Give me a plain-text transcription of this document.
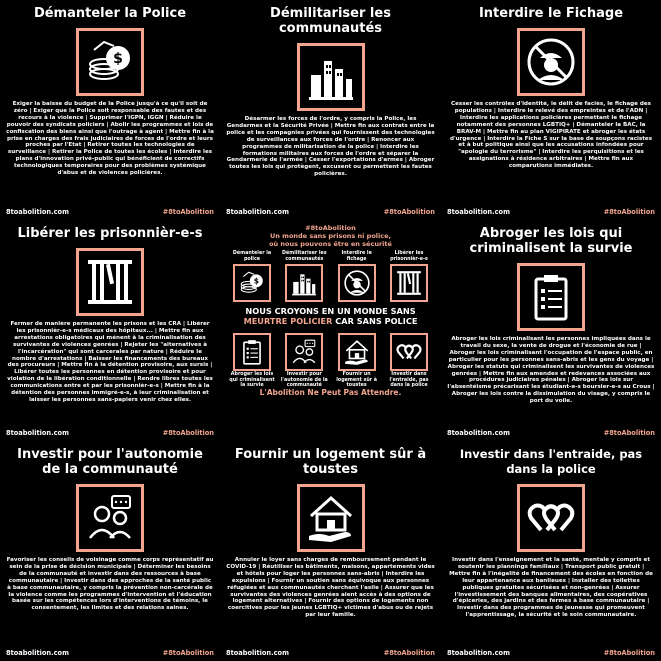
Démanteler la Police
Exiger la baisse du budget de la Police jusqu'à ce qu'il soit de zéro | Exiger que la Police soit responsable des fautes et des recours à la violence | Supprimer l'IGPN, IGGN | Réduire le pouvoir des syndicats policiers | Abolir les programmes et lois de confiscation des biens ainsi que l'outrage à agent | Mettre fin à la prise en charges des frais judiciaires de forces de l'ordre et leurs proches par l'Etat | Retirer toutes les technologies de surveillance | Retirer la Police de toutes les écoles | Interdire les plans d'innovation privé-public qui bénéficient de correctifs technologiques temporaires pour des problèmes systémique d'abus et de violences policières.
8toabolition.com	#8toAbolition
Démilitariser les communautés
Désarmer les forces de l'ordre, y compris la Police, les Gendarmes et la Sécurité Privée | Mettre fin aux contrats entre la police et les compagnies privées qui fournissent des technologies de surveillances aux forces de l'ordre | Renoncer aux programmes de militarisation de la police | Interdire les formations militaires aux forces de l'ordre et séparer la Gendarmerie de l'armée | Cesser l'exportations d'armes | Abroger toutes les lois qui protègent, excusent ou permettent les fautes policières.
8toabolition.com	#8toAbolition
Interdire le Fichage
Cesser les contrôles d'identité, le délit de faciès, le fichage des populations | Interdire le relevé des empreintes et de l'ADN | Interdire les applications policières permettant le fichage notamment des personnes LGBTIQ+ | Démanteler la BAC, la BRAV-M | Mettre fin au plan VIGIPIRATE et abroger les états d'urgence | Interdire la Fiche S sur la base de soupçons racistes et à but politique ainsi que les accusations infondées pour "apologie du terrorisme" | Interdire les perquisitions et les assignations à résidence arbitraires | Mettre fin aux comparutions immédiates.
8toabolition.com	#8toAbolition
Libérer les prisonnièr-e-s
Fermer de manière permanente les prisons et les CRA | Libérer les prisonnièr-e-s médicaux des hôpitaux... | Mettre fin aux arrestations obligatoires qui ménent à la criminalisation des survivantes de violences genrées | Rejeter les "alternatives à l'incarcération" qui sont carcerales par nature | Réduire le nombre d'arrestations | Baisser les financements des bureaux des procureurs | Mettre fin à la détention provisoire, aux sursis | Libérer toutes les personnes en détention provisoire et pour violation de la libération conditionnelle | Rendre libres toutes les communications entre et par les prisonnièr-e-s | Mettre fin à la détention des personnes immigré-e-s, à leur criminalisation et laisser les personnes sans-papiers venir chez elles.
8toabolition.com	#8toAbolition
#8toAbolition
Un monde sans prisons ni police,
où nous pouvons être en sécurité
Démanteler la police
Démilitariser les communautés
Interdire le fichage
Libérer les prisonnièr-e-s
NOUS CROYONS EN UN MONDE SANS
MEURTRE POLICIER CAR SANS POLICE
Abroger les lois qui criminalisent la survie
Investir pour l'autonomie de la communauté
Fournir un logement sûr à toustes
Investir dans l'entraide, pas dans la police
L'Abolition Ne Peut Pas Attendre.
Abroger les lois qui criminalisent la survie
Abroger les lois criminalisant les personnes impliquées dans le travail du sexe, la vente de drogue et l'économie de rue | Abroger les lois criminalisant l'occupation de l'espace public, en particulier pour les personnes sans-abris et les gens du voyage | Abroger les statuts qui criminalisent les survivantes de violences genrées | Mettre fin aux amendes et redevances associées aux procédures judiciaires pénales | Abroger les lois sur l'absentéisme précarisant les étudiant-e-s boursier-e-s au Crous | Abroger les lois contre la dissimulation du visage, y compris le port du voile.
8toabolition.com	#8toAbolition
Investir pour l'autonomie de la communauté
Favoriser les conseils de voisinage comme corps représentatif au sein de la prise de décision municipale | Déterminer les besoins de la communauté et investir dans des ressources à base communautaire | Investir dans des approches de la santé public à base communautaire, y compris la prévention non-carcérale de la violence comme les programmes d'intervention et l'éducation basée sur les compétences lors d'interventions de témoins, le consentement, les limites et des relations saines.
8toabolition.com	#8toAbolition
Fournir un logement sûr à toustes
Annuler le loyer sans charges de remboursement pendant le COVID-19 | Réutiliser les bâtiments, maisons, appartements vides et hôtels pour loger les personnes sans-abris | Interdire les expulsions | Fournir un soutien sans équivoque aux personnes réfugiées et aux communautés cherchant l'asile | Assurer que les survivantes des violences genrées aient accès à des options de logement alternatives | Fournir des options de logements non coercitives pour les jeunes LGBTIQ+ victimes d'abus ou de rejets par leur famille.
8toabolition.com	#8toAbolition
Investir dans l'entraide, pas dans la police
Investir dans l'enseignement et la santé, mentale y compris et soutenir les plannings familiaux | Transport public gratuit | Mettre fin à l'inégalité de financement des écoles en fonction de leur appartenance aux banlieues | Installer des toilettes publiques gratuites sécurisées et non-genrées | Assurer l'investissement des banques alimentaires, des coopératives d'épiceries, des jardins et des fermes à base communautaire | Investir dans des programmes de jeunesse qui promeuvent l'apprentissage, la sécurité et le soin communautaire.
8toabolition.com	#8toAbolition
